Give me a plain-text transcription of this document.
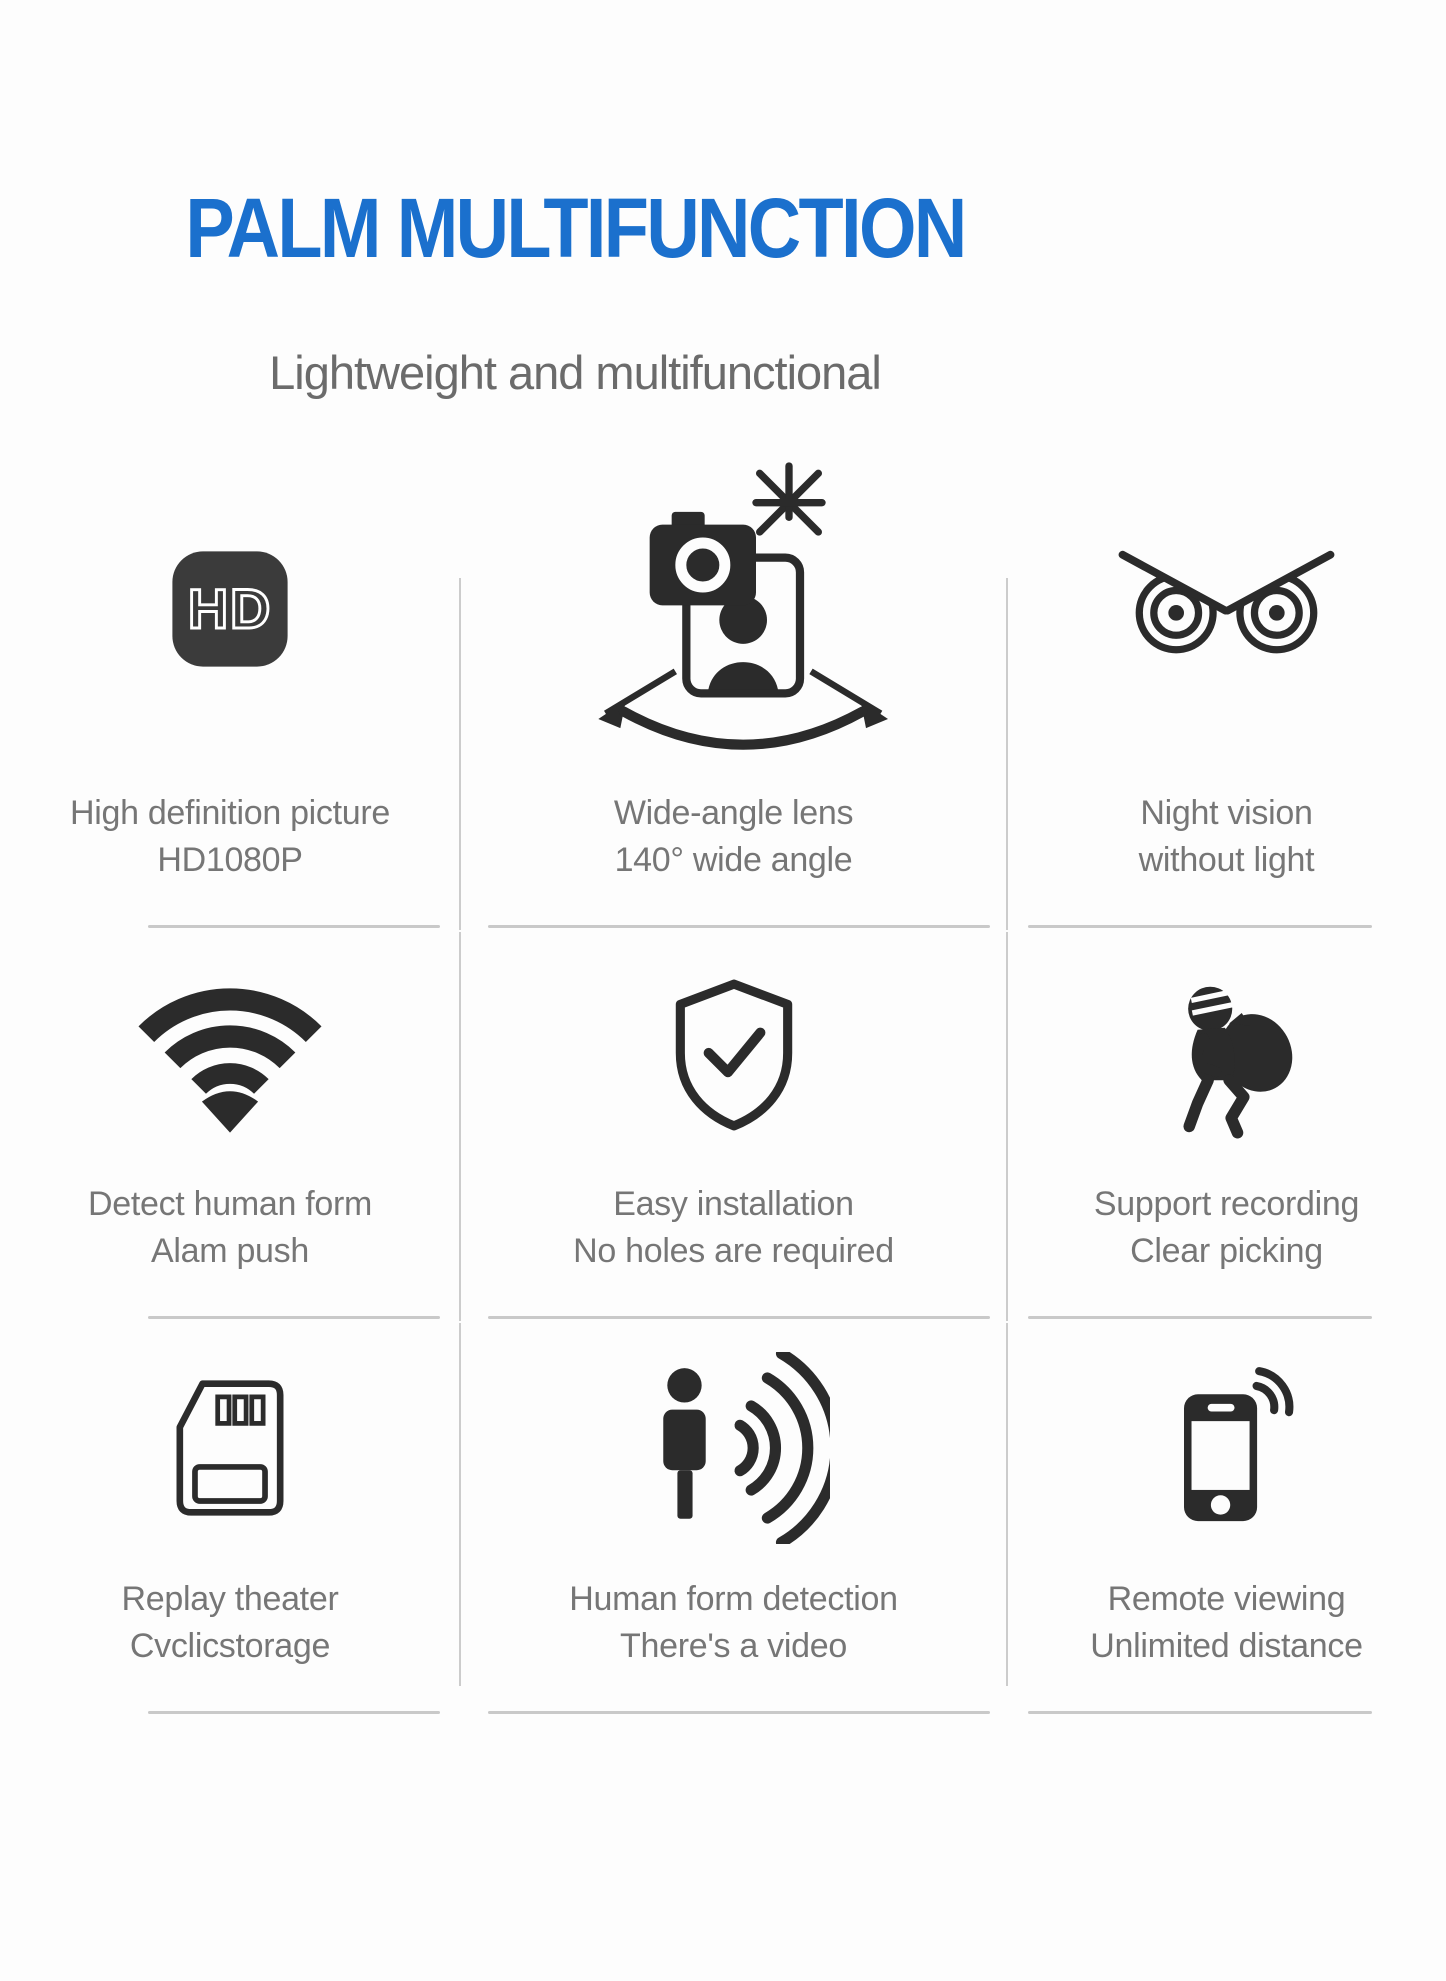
PALM MULTIFUNCTION
Lightweight and multifunctional
HD
High definition picture
HD1080P
Wide-angle lens
140° wide angle
Night vision
without light
Detect human form
Alam push
Easy installation
No holes are required
Support recording
Clear picking
Replay theater
Cvclicstorage
Human form detection
There's a video
Remote viewing
Unlimited distance
